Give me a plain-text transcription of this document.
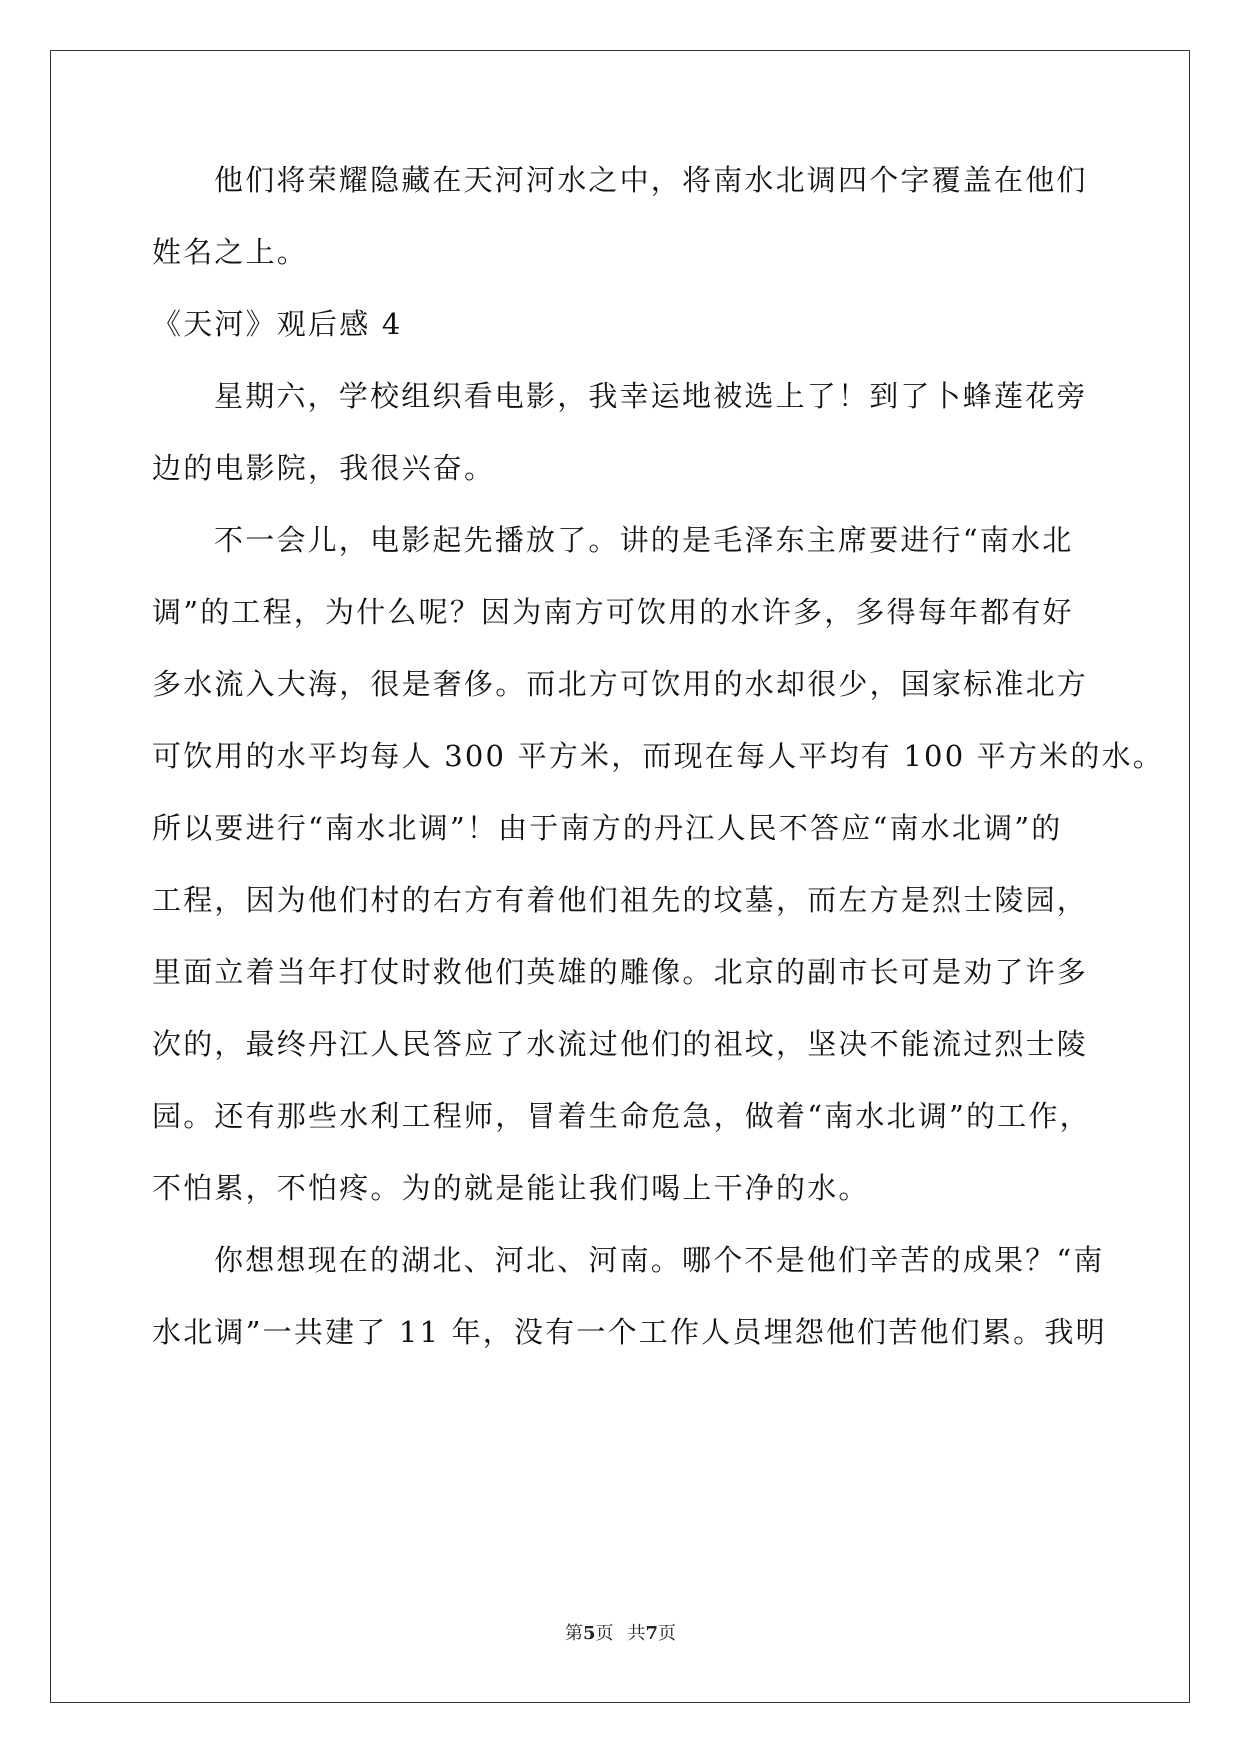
他们将荣耀隐藏在天河河水之中，将南水北调四个字覆盖在他们
姓名之上。
《天河》观后感 4
星期六，学校组织看电影，我幸运地被选上了！到了卜蜂莲花旁
边的电影院，我很兴奋。
不一会儿，电影起先播放了。讲的是毛泽东主席要进行“南水北
调”的工程，为什么呢？因为南方可饮用的水许多，多得每年都有好
多水流入大海，很是奢侈。而北方可饮用的水却很少，国家标准北方
可饮用的水平均每人 300 平方米，而现在每人平均有 100 平方米的水。
所以要进行“南水北调”！由于南方的丹江人民不答应“南水北调”的
工程，因为他们村的右方有着他们祖先的坟墓，而左方是烈士陵园，
里面立着当年打仗时救他们英雄的雕像。北京的副市长可是劝了许多
次的，最终丹江人民答应了水流过他们的祖坟，坚决不能流过烈士陵
园。还有那些水利工程师，冒着生命危急，做着“南水北调”的工作，
不怕累，不怕疼。为的就是能让我们喝上干净的水。
你想想现在的湖北、河北、河南。哪个不是他们辛苦的成果？“南
水北调”一共建了 11 年，没有一个工作人员埋怨他们苦他们累。我明
第5页 共7页
